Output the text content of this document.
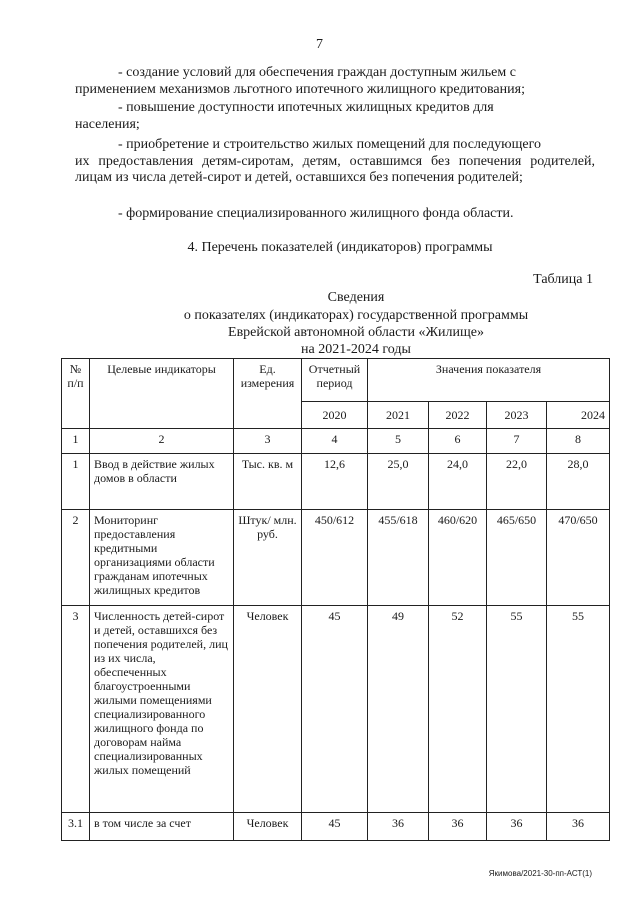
7
- создание условий для обеспечения граждан доступным жильем с
применением механизмов льготного ипотечного жилищного кредитования;
- повышение доступности ипотечных жилищных кредитов для
населения;
- приобретение и строительство жилых помещений для последующего
их предоставления детям-сиротам, детям, оставшимся без попечения родителей, лицам из числа детей-сирот и детей, оставшихся без попечения родителей;
- формирование специализированного жилищного фонда области.
4. Перечень показателей (индикаторов) программы
Таблица 1
Сведения
о показателях (индикаторах) государственной программы
Еврейской автономной области «Жилище»
на 2021-2024 годы
№ п/п	Целевые индикаторы	Ед. измерения	Отчетный период	Значения показателя			
			2020	2021	2022	2023	2024
1	2	3	4	5	6	7	8
1	Ввод в действие жилых домов в области	Тыс. кв. м	12,6	25,0	24,0	22,0	28,0
2	Мониторинг предоставления кредитными организациями области гражданам ипотечных жилищных кредитов	Штук/ млн. руб.	450/612	455/618	460/620	465/650	470/650
3	Численность детей-сирот и детей, оставшихся без попечения родителей, лиц из их числа, обеспеченных благоустроенными жилыми помещениями специализированного жилищного фонда по договорам найма специализированных жилых помещений	Человек	45	49	52	55	55
3.1	в том числе за счет	Человек	45	36	36	36	36
Якимова/2021-30-пп-АСТ(1)
